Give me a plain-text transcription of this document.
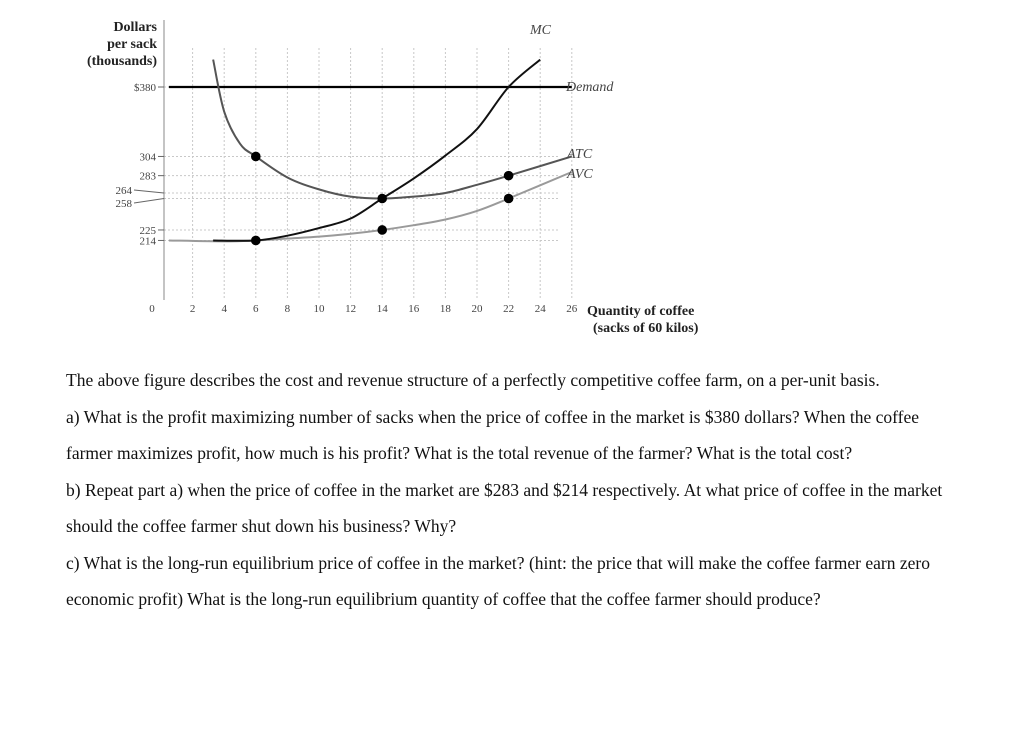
Dollars
per sack
(thousands)
$380
304
283
264
258
225
214
0	2 4 6 8 10 12 14 16 18 20 22 24 26 Quantity of coffee
(sacks of 60 kilos)
MC
ATC
AVC
Demand

The above figure describes the cost and revenue structure of a perfectly competitive coffee farm, on a per-unit basis.

a) What is the profit maximizing number of sacks when the price of coffee in the market is $380 dollars? When the coffee farmer maximizes profit, how much is his profit? What is the total revenue of the farmer? What is the total cost?

b) Repeat part a) when the price of coffee in the market are $283 and $214 respectively. At what price of coffee in the market should the coffee farmer shut down his business? Why?

c) What is the long-run equilibrium price of coffee in the market? (hint: the price that will make the coffee farmer earn zero economic profit) What is the long-run equilibrium quantity of coffee that the coffee farmer should produce?
